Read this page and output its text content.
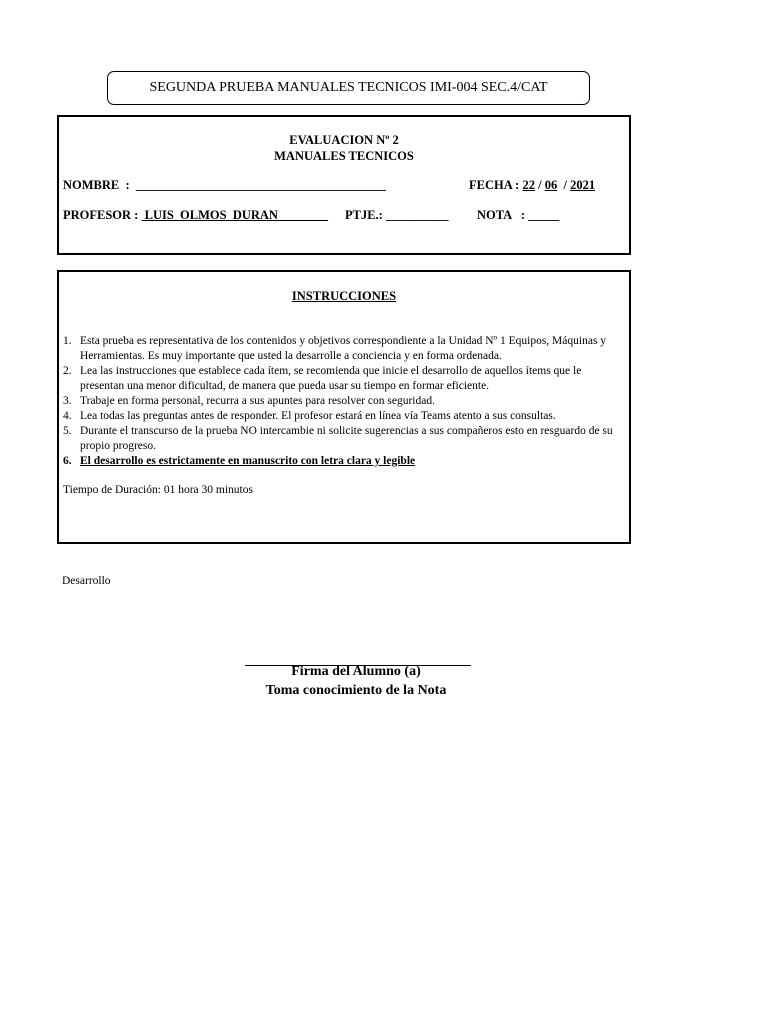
SEGUNDA PRUEBA MANUALES TECNICOS IMI-004 SEC.4/CAT
EVALUACION Nº 2
MANUALES TECNICOS
NOMBRE  : ________________________________________	FECHA : 22 / 06  / 2021
PROFESOR :  LUIS  OLMOS  DURAN________ PTJE.: __________ NOTA   : _____
INSTRUCCIONES
1. Esta prueba es representativa de los contenidos y objetivos correspondiente a la Unidad Nº 1 Equipos, Máquinas y Herramientas. Es muy importante que usted la desarrolle a conciencia y en forma ordenada.
2. Lea las instrucciones que establece cada ítem, se recomienda que inicie el desarrollo de aquellos ítems que le presentan una menor dificultad, de manera que pueda usar su tiempo en formar eficiente.
3. Trabaje en forma personal, recurra a sus apuntes para resolver con seguridad.
4. Lea todas las preguntas antes de responder. El profesor estará en línea vía Teams atento a sus consultas.
5. Durante el transcurso de la prueba NO intercambie ni solicite sugerencias a sus compañeros esto en resguardo de su propio progreso.
6. El desarrollo es estrictamente en manuscrito con letra clara y legible
Tiempo de Duración: 01 hora 30 minutos
Desarrollo
Firma del Alumno (a)
Toma conocimiento de la Nota
